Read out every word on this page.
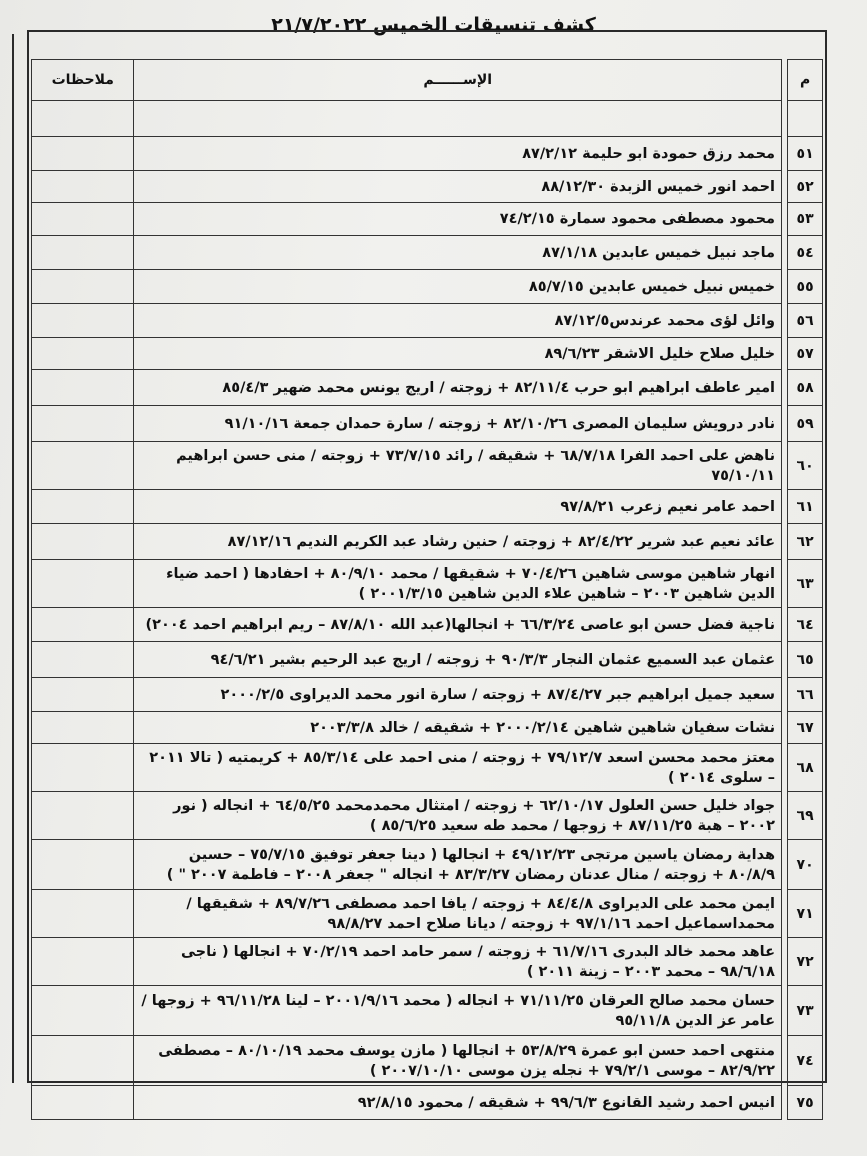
كشف تنسيقات الخميس ٢١/٧/٢٠٢٢
م		الإســــــم	ملاحظات

٥١		محمد رزق حمودة ابو حليمة ٨٧/٢/١٢	
٥٢		احمد انور خميس الزبدة ٨٨/١٢/٣٠	
٥٣		محمود مصطفى محمود سمارة ٧٤/٢/١٥	
٥٤		ماجد نبيل خميس عابدين ٨٧/١/١٨	
٥٥		خميس نبيل خميس عابدين ٨٥/٧/١٥	
٥٦		وائل لؤى محمد عرندس٨٧/١٢/٥	
٥٧		خليل صلاح خليل الاشقر ٨٩/٦/٢٣	
٥٨		امير عاطف ابراهيم ابو حرب ٨٢/١١/٤ + زوجته / اريج يونس محمد ضهير ٨٥/٤/٣	
٥٩		نادر درويش سليمان المصرى ٨٢/١٠/٢٦ + زوجته / سارة حمدان جمعة ٩١/١٠/١٦	
٦٠		ناهض على احمد الفرا ٦٨/٧/١٨ + شقيقه / رائد ٧٣/٧/١٥ + زوجته / منى حسن ابراهيم ٧٥/١٠/١١	
٦١		احمد عامر نعيم زعرب ٩٧/٨/٢١	
٦٢		عائد نعيم عبد شرير ٨٢/٤/٢٢ + زوجته / حنين رشاد عبد الكريم النديم ٨٧/١٢/١٦	
٦٣		انهار شاهين موسى شاهين ٧٠/٤/٢٦ + شقيقها / محمد ٨٠/٩/١٠ + احفادها ( احمد ضياء الدين شاهين ٢٠٠٣ – شاهين علاء الدين شاهين ٢٠٠١/٣/١٥ )	
٦٤		ناجية فضل حسن ابو عاصى ٦٦/٣/٢٤ + انجالها(عبد الله ٨٧/٨/١٠ – ريم ابراهيم احمد ٢٠٠٤)	
٦٥		عثمان عبد السميع عثمان النجار ٩٠/٣/٣ + زوجته / اريج عبد الرحيم بشير ٩٤/٦/٢١	
٦٦		سعيد جميل ابراهيم جبر ٨٧/٤/٢٧ + زوجته / سارة انور محمد الديراوى ٢٠٠٠/٢/٥	
٦٧		نشات سفيان شاهين شاهين ٢٠٠٠/٢/١٤ + شقيقه / خالد ٢٠٠٣/٣/٨	
٦٨		معتز محمد محسن اسعد ٧٩/١٢/٧ + زوجته / منى احمد على ٨٥/٣/١٤ + كريمتيه ( تالا ٢٠١١ – سلوى ٢٠١٤ )	
٦٩		جواد خليل حسن العلول ٦٢/١٠/١٧ + زوجته / امتثال محمدمحمد ٦٤/٥/٢٥ + انجاله ( نور ٢٠٠٢ – هبة ٨٧/١١/٢٥ + زوجها / محمد طه سعيد ٨٥/٦/٢٥ )	
٧٠		هداية رمضان ياسين مرتجى ٤٩/١٢/٢٣ + انجالها ( دينا جعفر توفيق ٧٥/٧/١٥ – حسين ٨٠/٨/٩ + زوجته / منال عدنان رمضان ٨٣/٣/٢٧ + انجاله " جعفر ٢٠٠٨ – فاطمة ٢٠٠٧ " )	
٧١		ايمن محمد على الديراوى ٨٤/٤/٨ + زوجته / يافا احمد مصطفى ٨٩/٧/٢٦ + شقيقها / محمداسماعيل احمد ٩٧/١/١٦ + زوجته / ديانا صلاح احمد ٩٨/٨/٢٧	
٧٢		عاهد محمد خالد البدرى ٦١/٧/١٦ + زوجته / سمر حامد احمد ٧٠/٢/١٩ + انجالها ( ناجى ٩٨/٦/١٨ – محمد ٢٠٠٣ – زينة ٢٠١١ )	
٧٣		حسان محمد صالح العرقان ٧١/١١/٢٥ + انجاله ( محمد ٢٠٠١/٩/١٦ – لينا ٩٦/١١/٢٨ + زوجها / عامر عز الدين ٩٥/١١/٨	
٧٤		منتهى احمد حسن ابو عمرة ٥٣/٨/٢٩ + انجالها ( مازن يوسف محمد ٨٠/١٠/١٩ – مصطفى ٨٢/٩/٢٢ – موسى ٧٩/٢/١ + نجله يزن موسى ٢٠٠٧/١٠/١٠ )	
٧٥		انيس احمد رشيد القانوع ٩٩/٦/٣ + شقيقه / محمود ٩٢/٨/١٥	
